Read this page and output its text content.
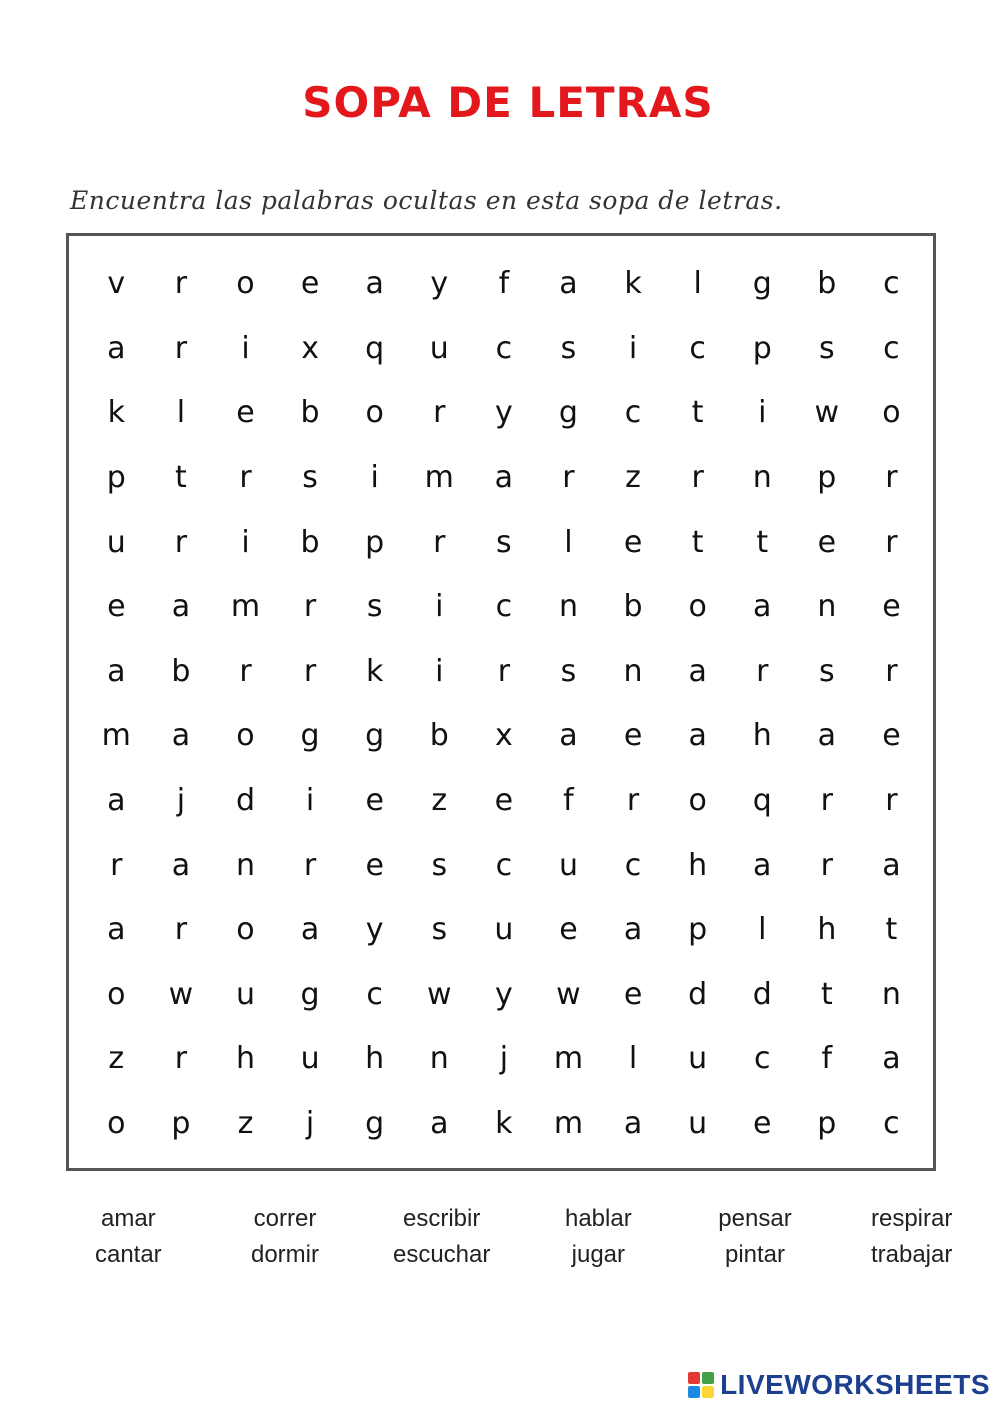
SOPA DE LETRAS
Encuentra las palabras ocultas en esta sopa de letras.
v	r	o	e	a	y	f	a	k	l	g	b	c
a	r	i	x	q	u	c	s	i	c	p	s	c
k	l	e	b	o	r	y	g	c	t	i	w	o
p	t	r	s	i	m	a	r	z	r	n	p	r
u	r	i	b	p	r	s	l	e	t	t	e	r
e	a	m	r	s	i	c	n	b	o	a	n	e
a	b	r	r	k	i	r	s	n	a	r	s	r
m	a	o	g	g	b	x	a	e	a	h	a	e
a	j	d	i	e	z	e	f	r	o	q	r	r
r	a	n	r	e	s	c	u	c	h	a	r	a
a	r	o	a	y	s	u	e	a	p	l	h	t
o	w	u	g	c	w	y	w	e	d	d	t	n
z	r	h	u	h	n	j	m	l	u	c	f	a
o	p	z	j	g	a	k	m	a	u	e	p	c
amar	correr	escribir	hablar	pensar	respirar
cantar	dormir	escuchar	jugar	pintar	trabajar
LIVEWORKSHEETS
